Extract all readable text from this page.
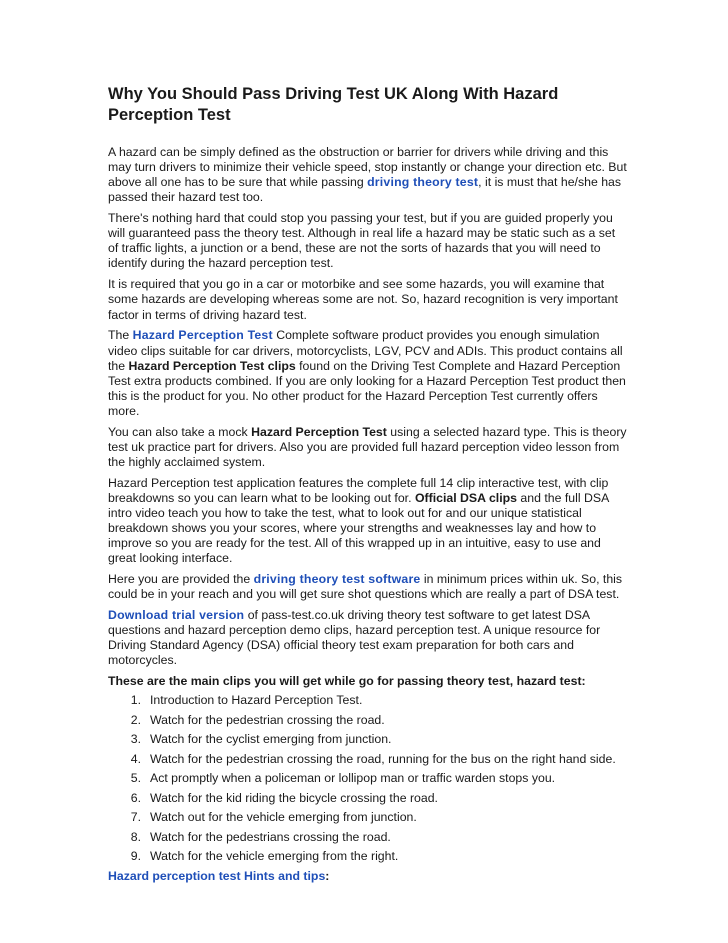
Why You Should Pass Driving Test UK Along With Hazard Perception Test

A hazard can be simply defined as the obstruction or barrier for drivers while driving and this may turn drivers to minimize their vehicle speed, stop instantly or change your direction etc. But above all one has to be sure that while passing driving theory test, it is must that he/she has passed their hazard test too.

There's nothing hard that could stop you passing your test, but if you are guided properly you will guaranteed pass the theory test. Although in real life a hazard may be static such as a set of traffic lights, a junction or a bend, these are not the sorts of hazards that you will need to identify during the hazard perception test.

It is required that you go in a car or motorbike and see some hazards, you will examine that some hazards are developing whereas some are not. So, hazard recognition is very important factor in terms of driving hazard test.

The Hazard Perception Test Complete software product provides you enough simulation video clips suitable for car drivers, motorcyclists, LGV, PCV and ADIs. This product contains all the Hazard Perception Test clips found on the Driving Test Complete and Hazard Perception Test extra products combined. If you are only looking for a Hazard Perception Test product then this is the product for you. No other product for the Hazard Perception Test currently offers more.

You can also take a mock Hazard Perception Test using a selected hazard type. This is theory test uk practice part for drivers. Also you are provided full hazard perception video lesson from the highly acclaimed system.

Hazard Perception test application features the complete full 14 clip interactive test, with clip breakdowns so you can learn what to be looking out for. Official DSA clips and the full DSA intro video teach you how to take the test, what to look out for and our unique statistical breakdown shows you your scores, where your strengths and weaknesses lay and how to improve so you are ready for the test. All of this wrapped up in an intuitive, easy to use and great looking interface.

Here you are provided the driving theory test software in minimum prices within uk. So, this could be in your reach and you will get sure shot questions which are really a part of DSA test.

Download trial version of pass-test.co.uk driving theory test software to get latest DSA questions and hazard perception demo clips, hazard perception test. A unique resource for Driving Standard Agency (DSA) official theory test exam preparation for both cars and motorcycles.

These are the main clips you will get while go for passing theory test, hazard test:
1. Introduction to Hazard Perception Test.
2. Watch for the pedestrian crossing the road.
3. Watch for the cyclist emerging from junction.
4. Watch for the pedestrian crossing the road, running for the bus on the right hand side.
5. Act promptly when a policeman or lollipop man or traffic warden stops you.
6. Watch for the kid riding the bicycle crossing the road.
7. Watch out for the vehicle emerging from junction.
8. Watch for the pedestrians crossing the road.
9. Watch for the vehicle emerging from the right.
Hazard perception test Hints and tips:
